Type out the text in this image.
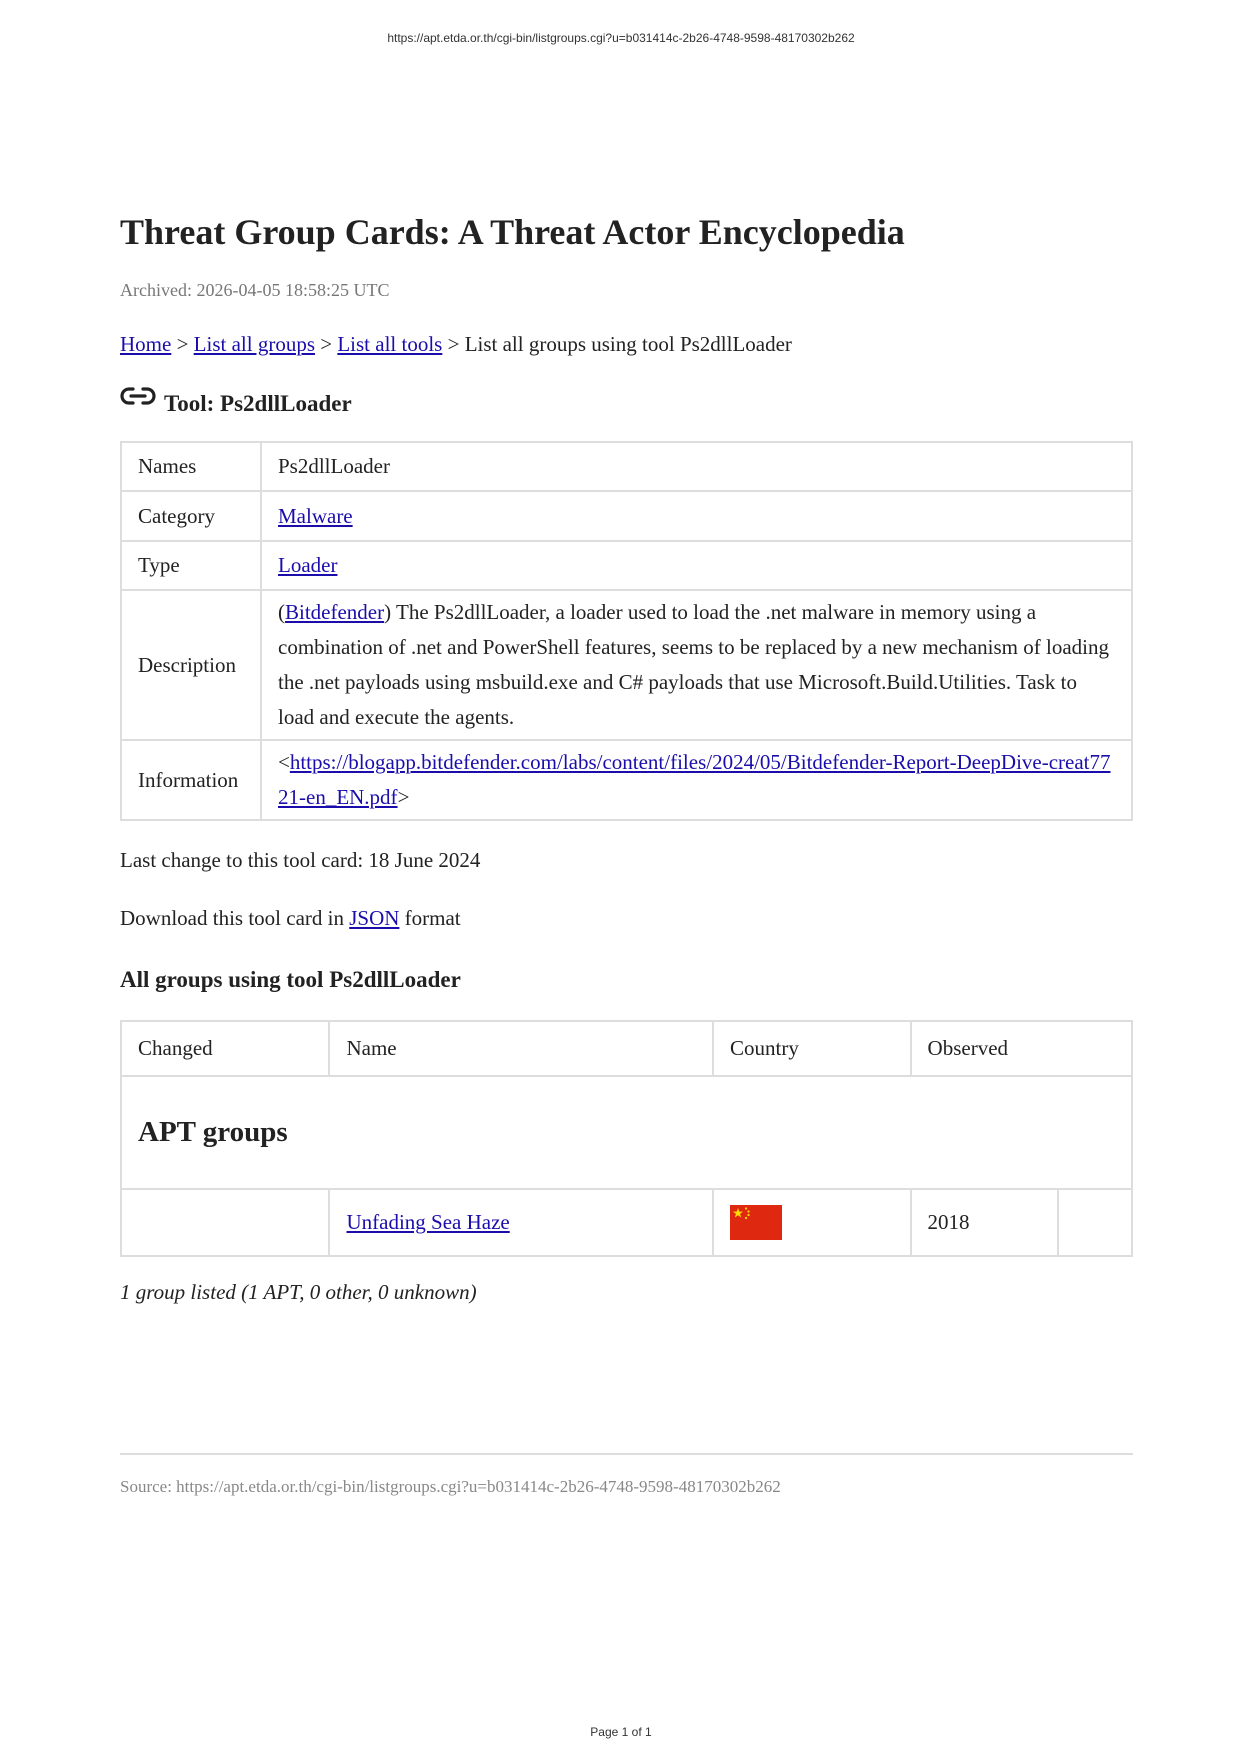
https://apt.etda.or.th/cgi-bin/listgroups.cgi?u=b031414c-2b26-4748-9598-48170302b262
Threat Group Cards: A Threat Actor Encyclopedia
Archived: 2026-04-05 18:58:25 UTC
Home > List all groups > List all tools > List all groups using tool Ps2dllLoader
Tool: Ps2dllLoader
Names	Ps2dllLoader
Category	Malware
Type	Loader
Description	(Bitdefender) The Ps2dllLoader, a loader used to load the .net malware in memory using a combination of .net and PowerShell features, seems to be replaced by a new mechanism of loading the .net payloads using msbuild.exe and C# payloads that use Microsoft.Build.Utilities. Task to load and execute the agents.
Information	<https://blogapp.bitdefender.com/labs/content/files/2024/05/Bitdefender-Report-DeepDive-creat7721-en_EN.pdf>
Last change to this tool card: 18 June 2024
Download this tool card in JSON format
All groups using tool Ps2dllLoader
Changed	Name	Country	Observed	
APT groups				
	Unfading Sea Haze		2018	
1 group listed (1 APT, 0 other, 0 unknown)
Source: https://apt.etda.or.th/cgi-bin/listgroups.cgi?u=b031414c-2b26-4748-9598-48170302b262
Page 1 of 1
